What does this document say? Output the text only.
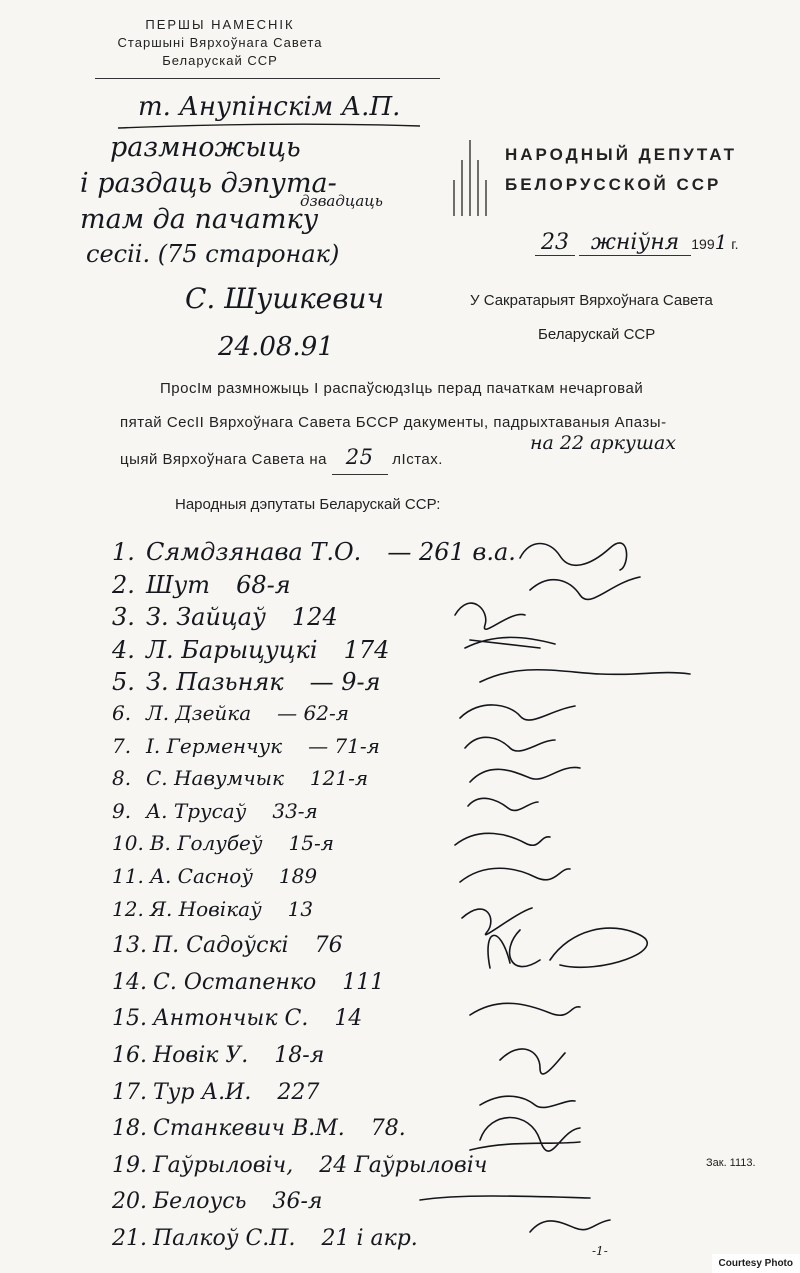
ПЕРШЫ НАМЕСНІК
Старшыні Вярхоўнага Савета
Беларускай ССР
НАРОДНЫЙ ДЕПУТАТ
БЕЛОРУССКОЙ ССР
23 жніўня 1991 г.
У Сакратарыят Вярхоўнага Савета
Беларускай ССР
т. Анупінскім А.П.
размножыць
і раздаць дэпута-
там да пачатку
дзвадцаць
сесіі. (75 старонак)
С. Шушкевич
24.08.91
ПросІм размножыць І распаўсюдзІць перад пачаткам нечарговай
пятай СесІІ Вярхоўнага Савета БССР дакументы, падрыхтаваныя Апазы-
цыяй Вярхоўнага Савета на 25 лІстах.
на 22 аркушах
Народныя дэпутаты Беларускай ССР:
1. Сямдзянава Т.О. — 261 в.а.
2. Шут 68-я
3. З. Зайцаў 124
4. Л. Барыцуцкі 174
5. З. Пазьняк — 9-я
6. Л. Дзейка — 62-я
7. І. Герменчук — 71-я
8. С. Навумчык 121-я
9. А. Трусаў 33-я
10. В. Голубеў 15-я
11. А. Сасноў 189
12. Я. Новікаў 13
13. П. Садоўскі 76
14. С. Остапенко 111
15. Антончык С. 14
16. Новік У. 18-я
17. Тур А.И. 227
18. Станкевич В.М. 78.
19. Гаўрыловіч, 24 Гаўрыловіч
20. Белоусь 36-я
21. Палкоў С.П. 21 і акр.
Зак. 1113.
-1-
Courtesy Photo
